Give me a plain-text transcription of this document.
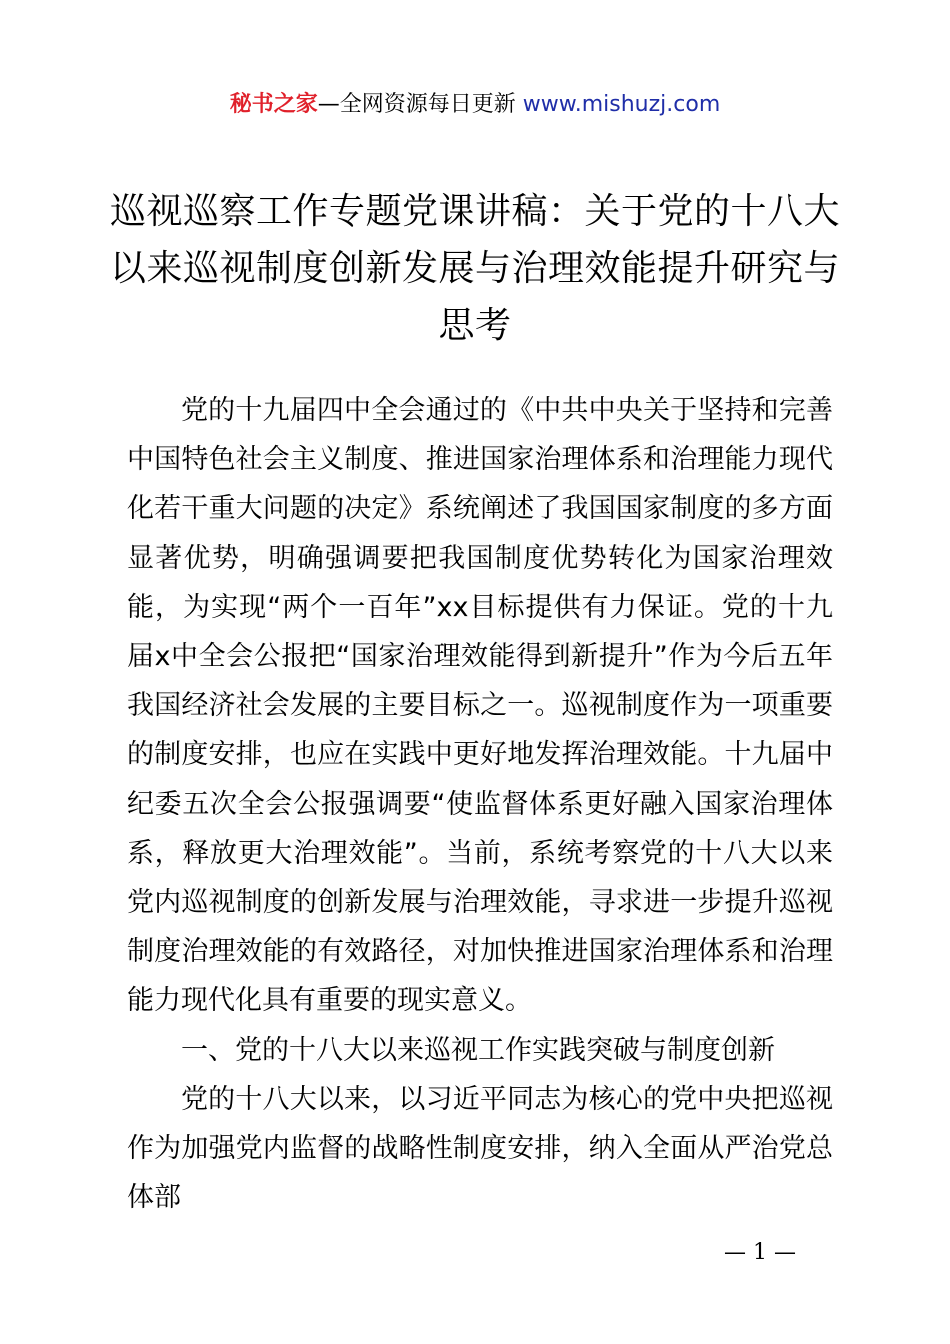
秘书之家—全网资源每日更新 www.mishuzj.com
巡视巡察工作专题党课讲稿：关于党的十八大以来巡视制度创新发展与治理效能提升研究与思考

党的十九届四中全会通过的《中共中央关于坚持和完善中国特色社会主义制度、推进国家治理体系和治理能力现代化若干重大问题的决定》系统阐述了我国国家制度的多方面显著优势，明确强调要把我国制度优势转化为国家治理效能，为实现“两个一百年”xx目标提供有力保证。党的十九届x中全会公报把“国家治理效能得到新提升”作为今后五年我国经济社会发展的主要目标之一。巡视制度作为一项重要的制度安排，也应在实践中更好地发挥治理效能。十九届中纪委五次全会公报强调要“使监督体系更好融入国家治理体系，释放更大治理效能”。当前，系统考察党的十八大以来党内巡视制度的创新发展与治理效能，寻求进一步提升巡视制度治理效能的有效路径，对加快推进国家治理体系和治理能力现代化具有重要的现实意义。

一、党的十八大以来巡视工作实践突破与制度创新

党的十八大以来，以习近平同志为核心的党中央把巡视作为加强党内监督的战略性制度安排，纳入全面从严治党总体部

— 1 —
